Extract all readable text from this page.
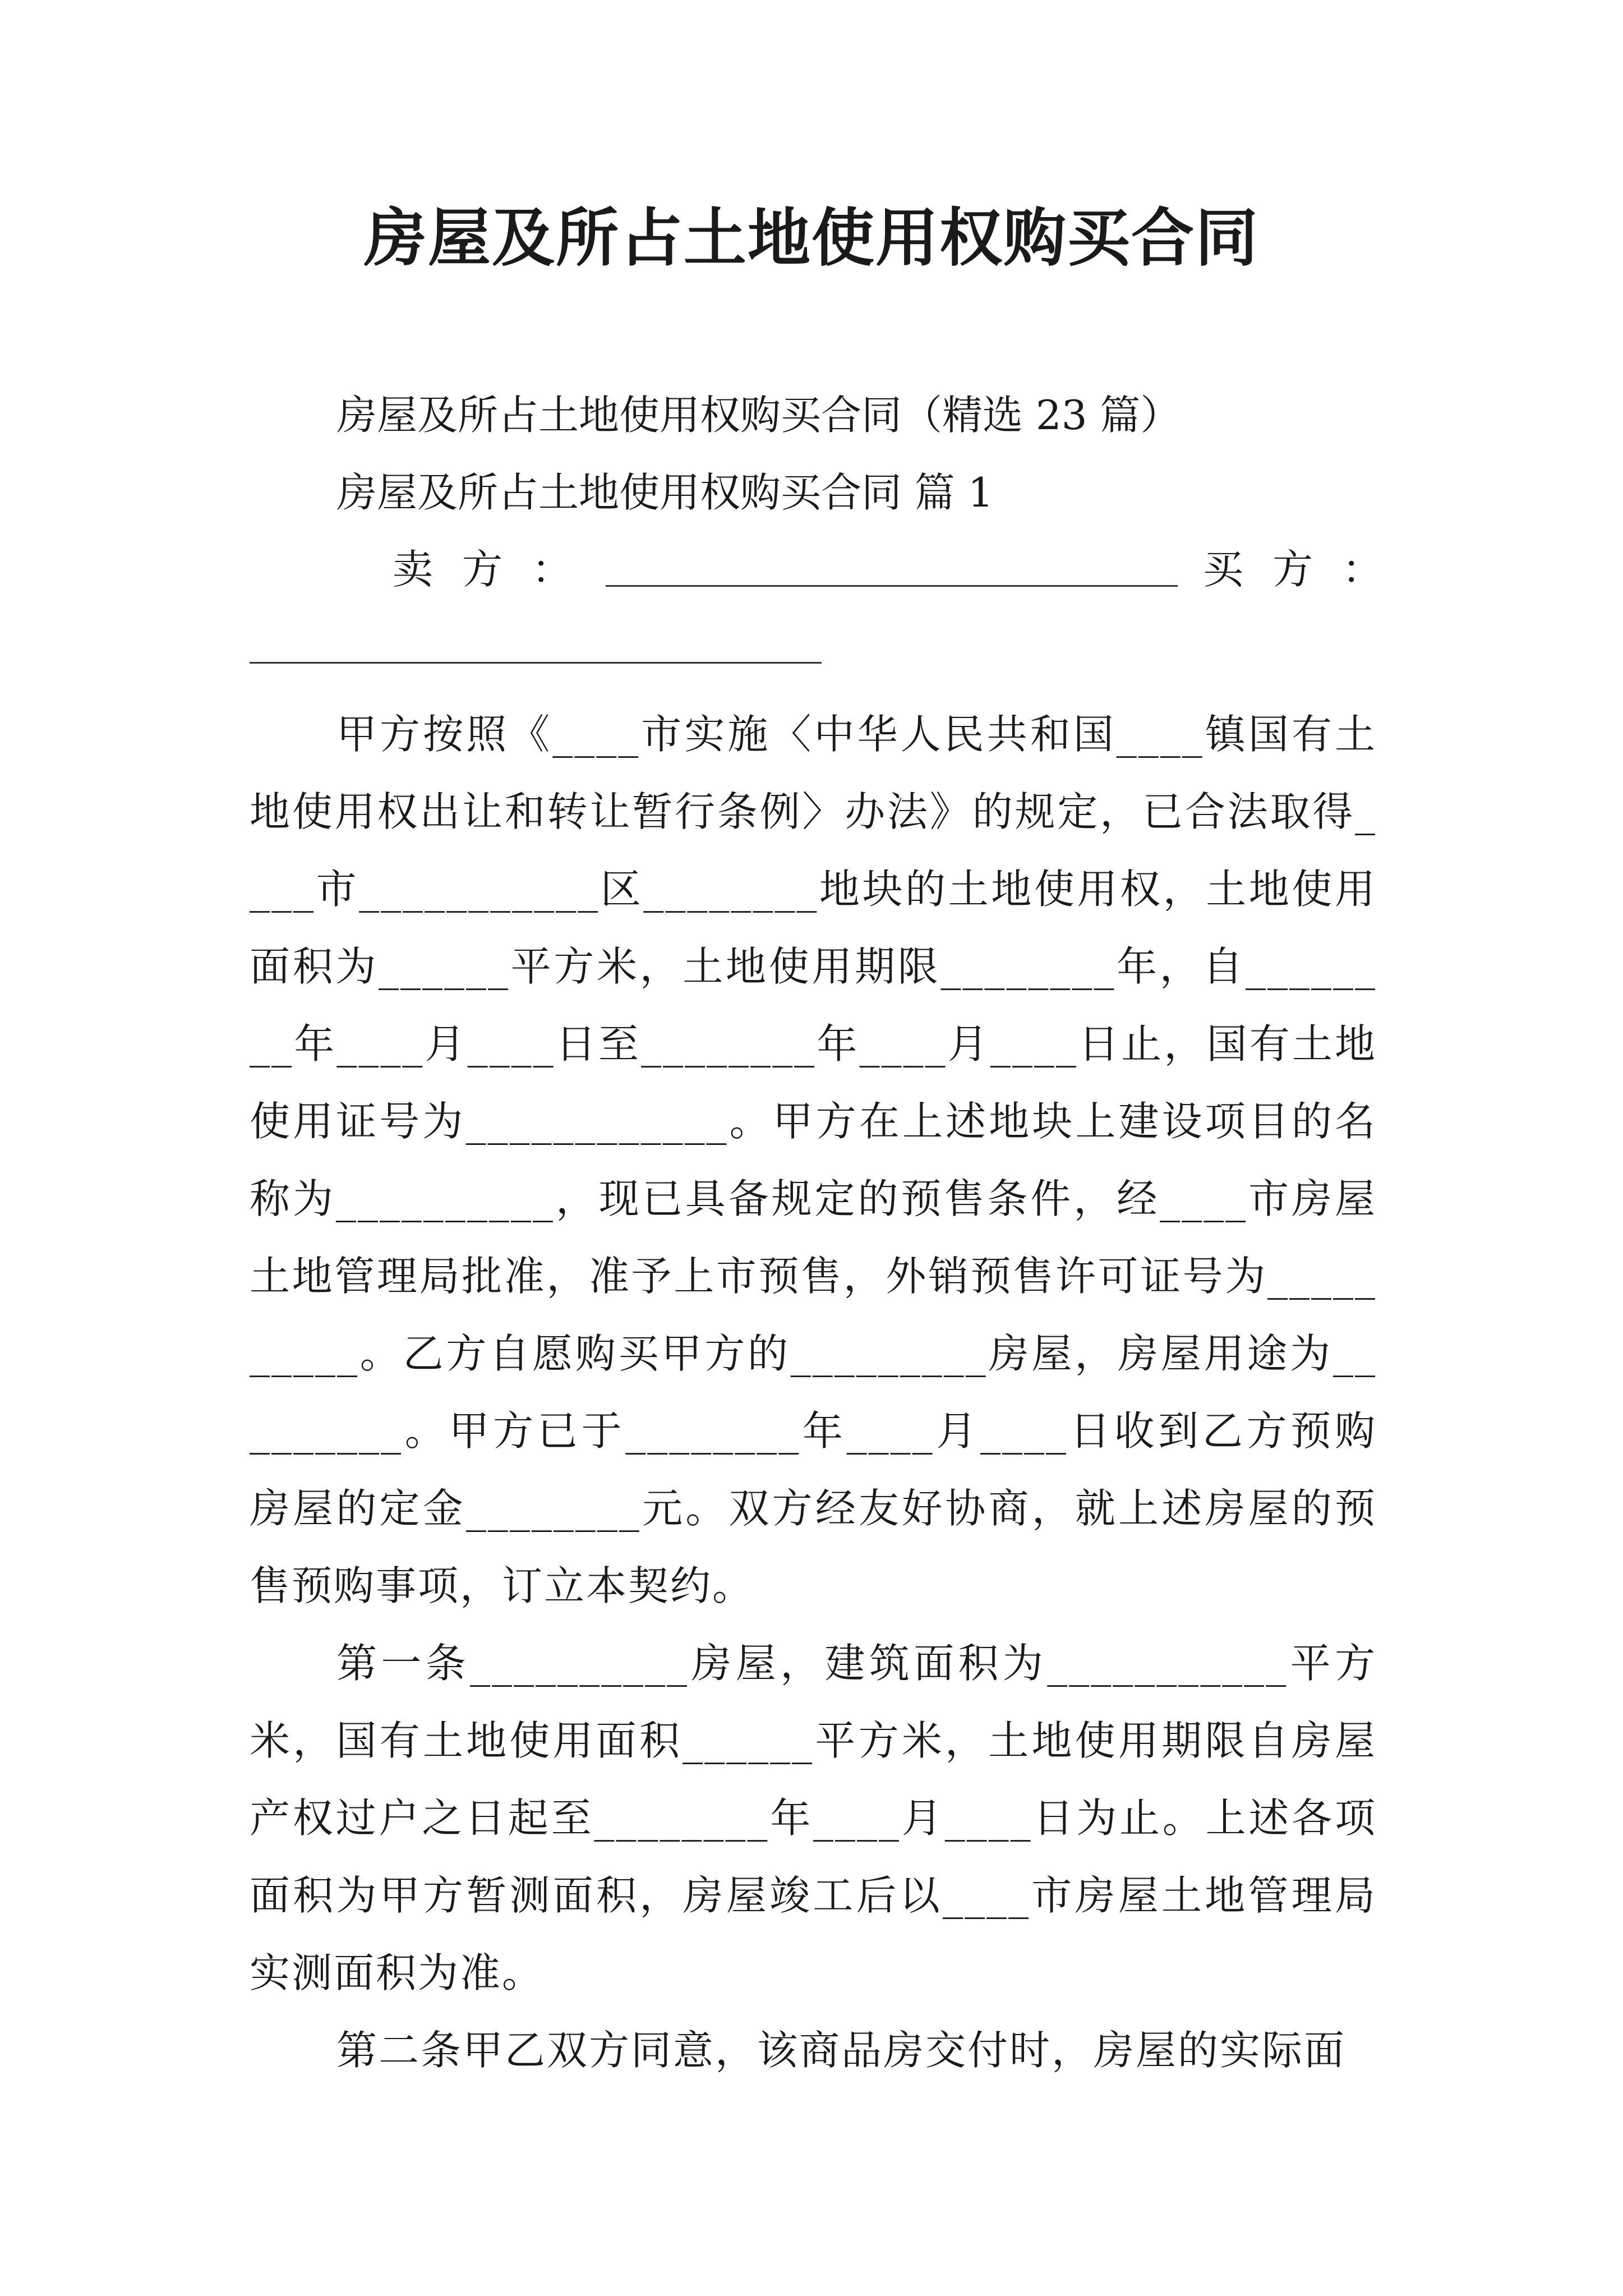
房屋及所占土地使用权购买合同
房屋及所占土地使用权购买合同（精选 23 篇）
房屋及所占土地使用权购买合同 篇 1
卖方：	买方：

甲方按照《____市实施〈中华人民共和国____镇国有土地使用权出让和转让暂行条例〉办法》的规定，已合法取得____市___________区________地块的土地使用权，土地使用面积为______平方米，土地使用期限________年，自________年____月____日至________年____月____日止，国有土地使用证号为____________。甲方在上述地块上建设项目的名称为__________，现已具备规定的预售条件，经____市房屋土地管理局批准，准予上市预售，外销预售许可证号为__________。乙方自愿购买甲方的_________房屋，房屋用途为_________。甲方已于________年____月____日收到乙方预购房屋的定金________元。双方经友好协商，就上述房屋的预售预购事项，订立本契约。

第一条__________房屋，建筑面积为___________平方米，国有土地使用面积______平方米，土地使用期限自房屋产权过户之日起至________年____月____日为止。上述各项面积为甲方暂测面积，房屋竣工后以____市房屋土地管理局实测面积为准。

第二条甲乙双方同意，该商品房交付时，房屋的实际面
